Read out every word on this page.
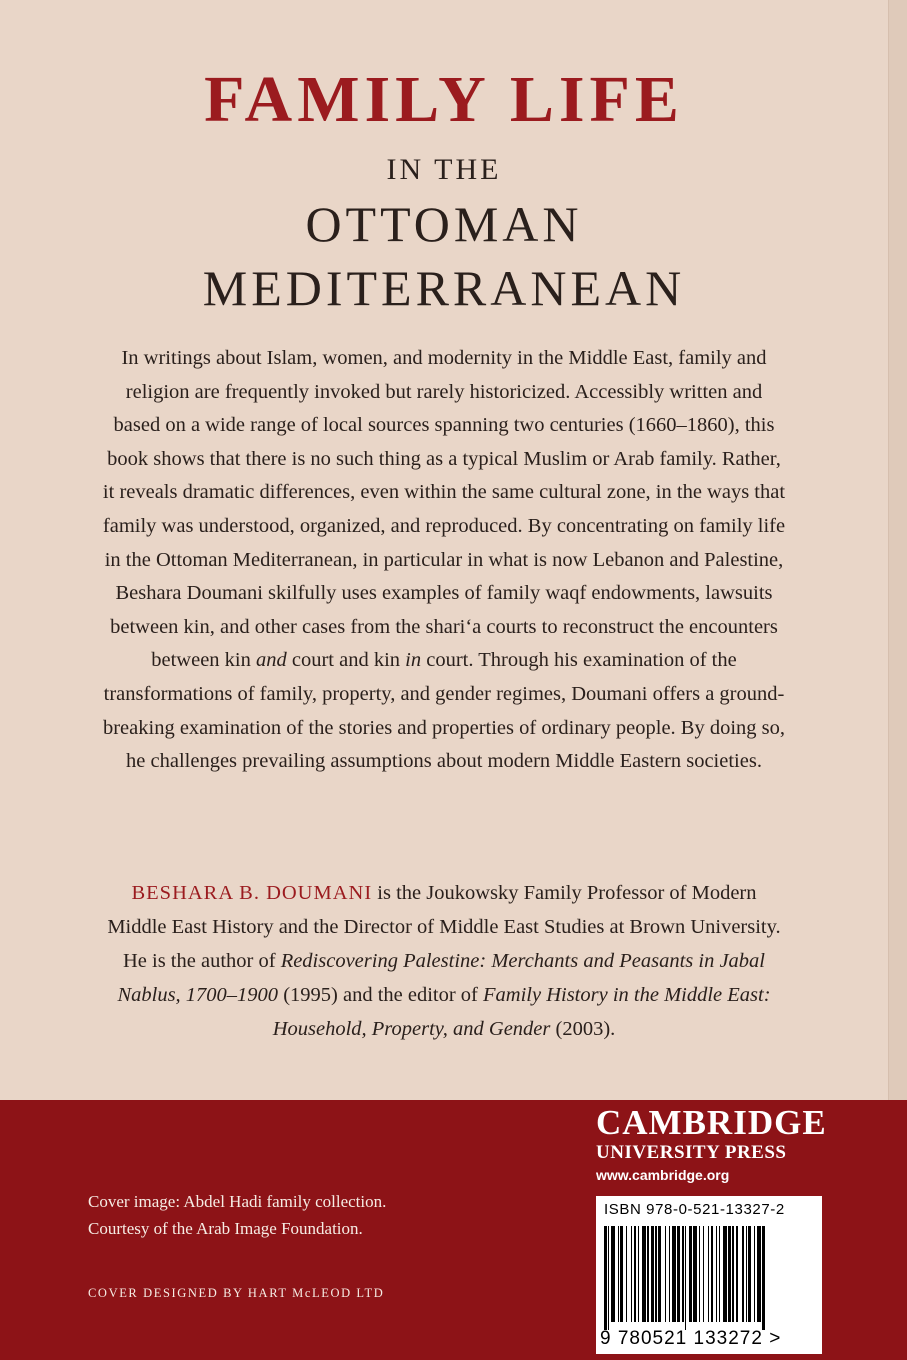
FAMILY LIFE
IN THE
OTTOMAN
MEDITERRANEAN
In writings about Islam, women, and modernity in the Middle East, family and religion are frequently invoked but rarely historicized. Accessibly written and based on a wide range of local sources spanning two centuries (1660–1860), this book shows that there is no such thing as a typical Muslim or Arab family. Rather, it reveals dramatic differences, even within the same cultural zone, in the ways that family was understood, organized, and reproduced. By concentrating on family life in the Ottoman Mediterranean, in particular in what is now Lebanon and Palestine, Beshara Doumani skilfully uses examples of family waqf endowments, lawsuits between kin, and other cases from the shari‘a courts to reconstruct the encounters between kin and court and kin in court. Through his examination of the transformations of family, property, and gender regimes, Doumani offers a ground-breaking examination of the stories and properties of ordinary people. By doing so, he challenges prevailing assumptions about modern Middle Eastern societies.
BESHARA B. DOUMANI is the Joukowsky Family Professor of Modern Middle East History and the Director of Middle East Studies at Brown University. He is the author of Rediscovering Palestine: Merchants and Peasants in Jabal Nablus, 1700–1900 (1995) and the editor of Family History in the Middle East: Household, Property, and Gender (2003).
Cover image: Abdel Hadi family collection.
Courtesy of the Arab Image Foundation.
COVER DESIGNED BY HART McLEOD LTD
CAMBRIDGE
UNIVERSITY PRESS
www.cambridge.org
ISBN 978-0-521-13327-2
9 780521 133272 >
